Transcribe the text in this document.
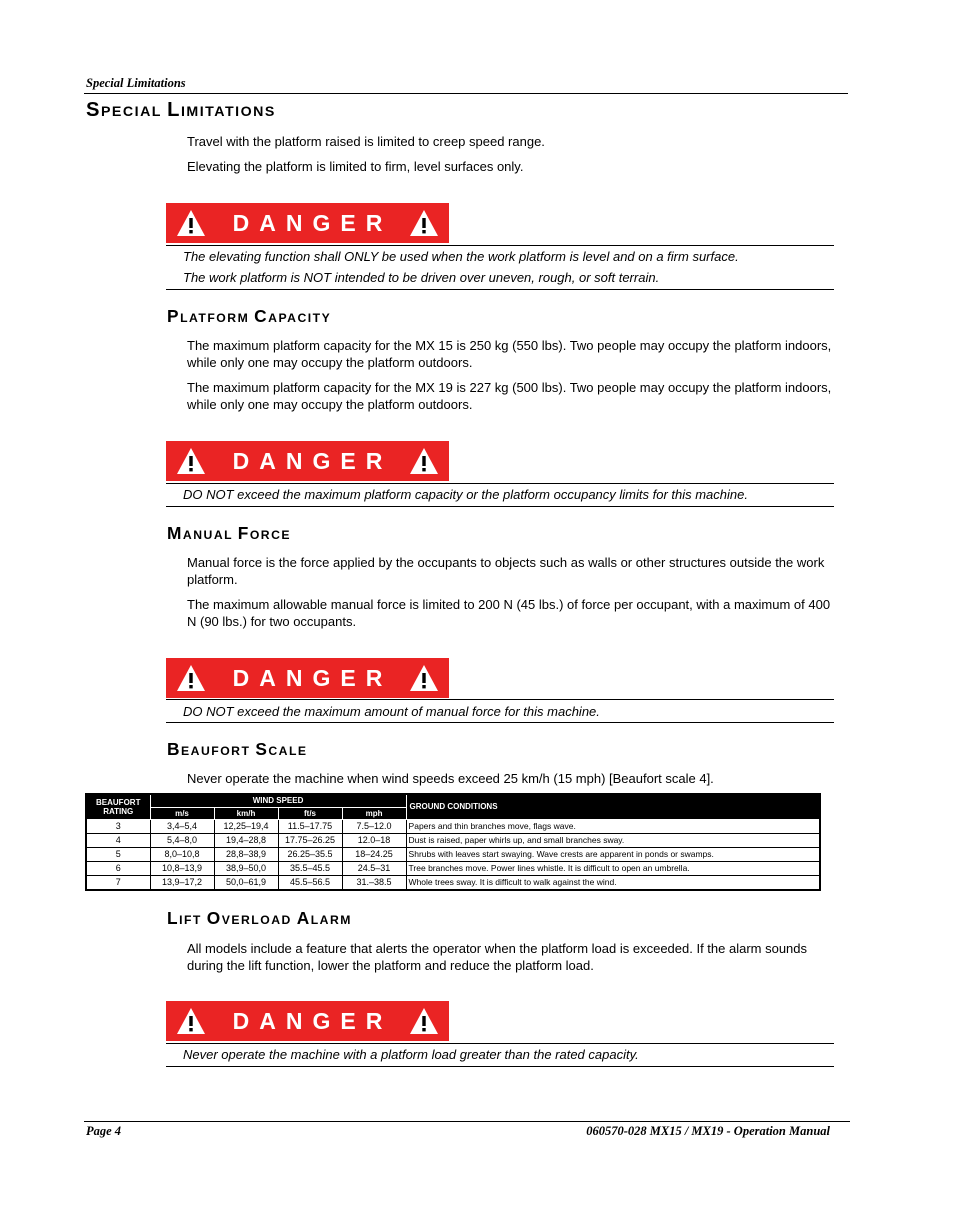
Special Limitations
SPECIAL LIMITATIONS

Travel with the platform raised is limited to creep speed range.

Elevating the platform is limited to firm, level surfaces only.

DANGER
The elevating function shall ONLY be used when the work platform is level and on a firm surface.
The work platform is NOT intended to be driven over uneven, rough, or soft terrain.
PLATFORM CAPACITY

The maximum platform capacity for the MX 15 is 250 kg (550 lbs). Two people may occupy the platform indoors, while only one may occupy the platform outdoors.

The maximum platform capacity for the MX 19 is 227 kg (500 lbs). Two people may occupy the platform indoors, while only one may occupy the platform outdoors.

DANGER
DO NOT exceed the maximum platform capacity or the platform occupancy limits for this machine.
MANUAL FORCE

Manual force is the force applied by the occupants to objects such as walls or other structures outside the work platform.

The maximum allowable manual force is limited to 200 N (45 lbs.) of force per occupant, with a maximum of 400 N (90 lbs.) for two occupants.

DANGER
DO NOT exceed the maximum amount of manual force for this machine.
BEAUFORT SCALE

Never operate the machine when wind speeds exceed 25 km/h (15 mph) [Beaufort scale 4].

BEAUFORT RATING	WIND SPEED				GROUND CONDITIONS
	m/s	km/h	ft/s	mph	
3	3,4–5,4	12,25–19,4	11.5–17.75	7.5–12.0	Papers and thin branches move, flags wave.
4	5,4–8,0	19,4–28,8	17.75–26.25	12.0–18	Dust is raised, paper whirls up, and small branches sway.
5	8,0–10,8	28,8–38,9	26.25–35.5	18–24.25	Shrubs with leaves start swaying. Wave crests are apparent in ponds or swamps.
6	10,8–13,9	38,9–50,0	35.5–45.5	24.5–31	Tree branches move. Power lines whistle. It is difficult to open an umbrella.
7	13,9–17,2	50,0–61,9	45.5–56.5	31.–38.5	Whole trees sway. It is difficult to walk against the wind.
LIFT OVERLOAD ALARM

All models include a feature that alerts the operator when the platform load is exceeded. If the alarm sounds during the lift function, lower the platform and reduce the platform load.

DANGER
Never operate the machine with a platform load greater than the rated capacity.
Page 4	060570-028 MX15 / MX19 - Operation Manual
